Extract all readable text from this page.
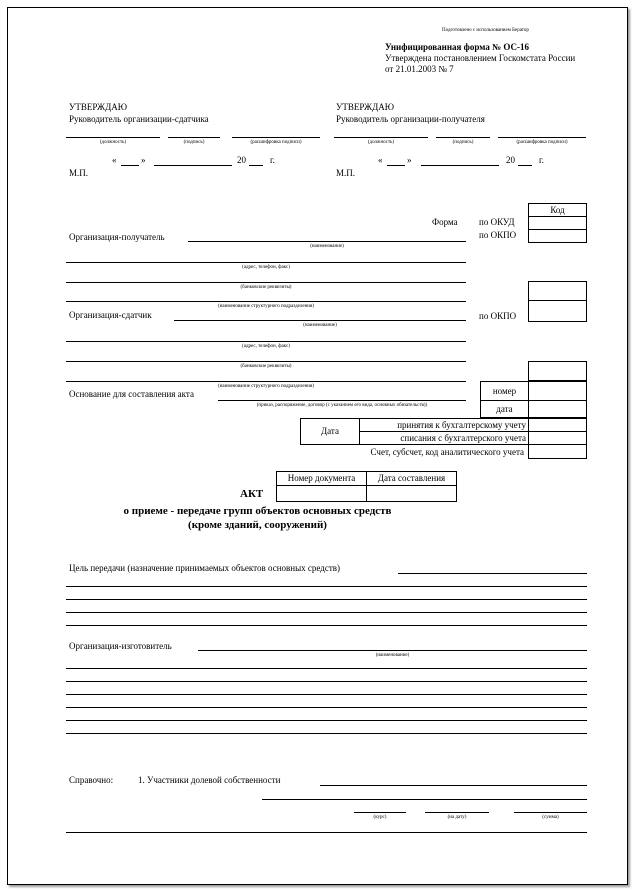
Подготовлено с использованием Бератор
Унифицированная форма № ОС-16
Утверждена постановлением Госкомстата России
от 21.01.2003 № 7
УТВЕРЖДАЮ
Руководитель организации-сдатчика
(должность)	(подпись)	(расшифровка подписи)
«	»	20	г.
М.П.
УТВЕРЖДАЮ
Руководитель организации-получателя
(должность)	(подпись)	(расшифровка подписи)
«	»	20	г.
М.П.
Код
Форма по ОКУД
по ОКПО
Организация-получатель
(наименование)
(адрес, телефон, факс)
(банковские реквизиты)
(наименование структурного подразделения)
Организация-сдатчик
(наименование)
по ОКПО
(адрес, телефон, факс)
(банковские реквизиты)
(наименование структурного подразделения)
Основание для составления акта
(приказ, распоряжение, договор (с указанием его вида, основных обязательств))
номер
дата
Дата
принятия к бухгалтерскому учету
списания с бухгалтерского учета
Счет, субсчет, код аналитического учета
Номер документа	Дата составления
АКТ
о приеме - передаче групп объектов основных средств
(кроме зданий, сооружений)
Цель передачи (назначение принимаемых объектов основных средств)
Организация-изготовитель
(наименование)
Справочно:	1. Участники долевой собственности
(курс)	(на дату)	(сумма)
